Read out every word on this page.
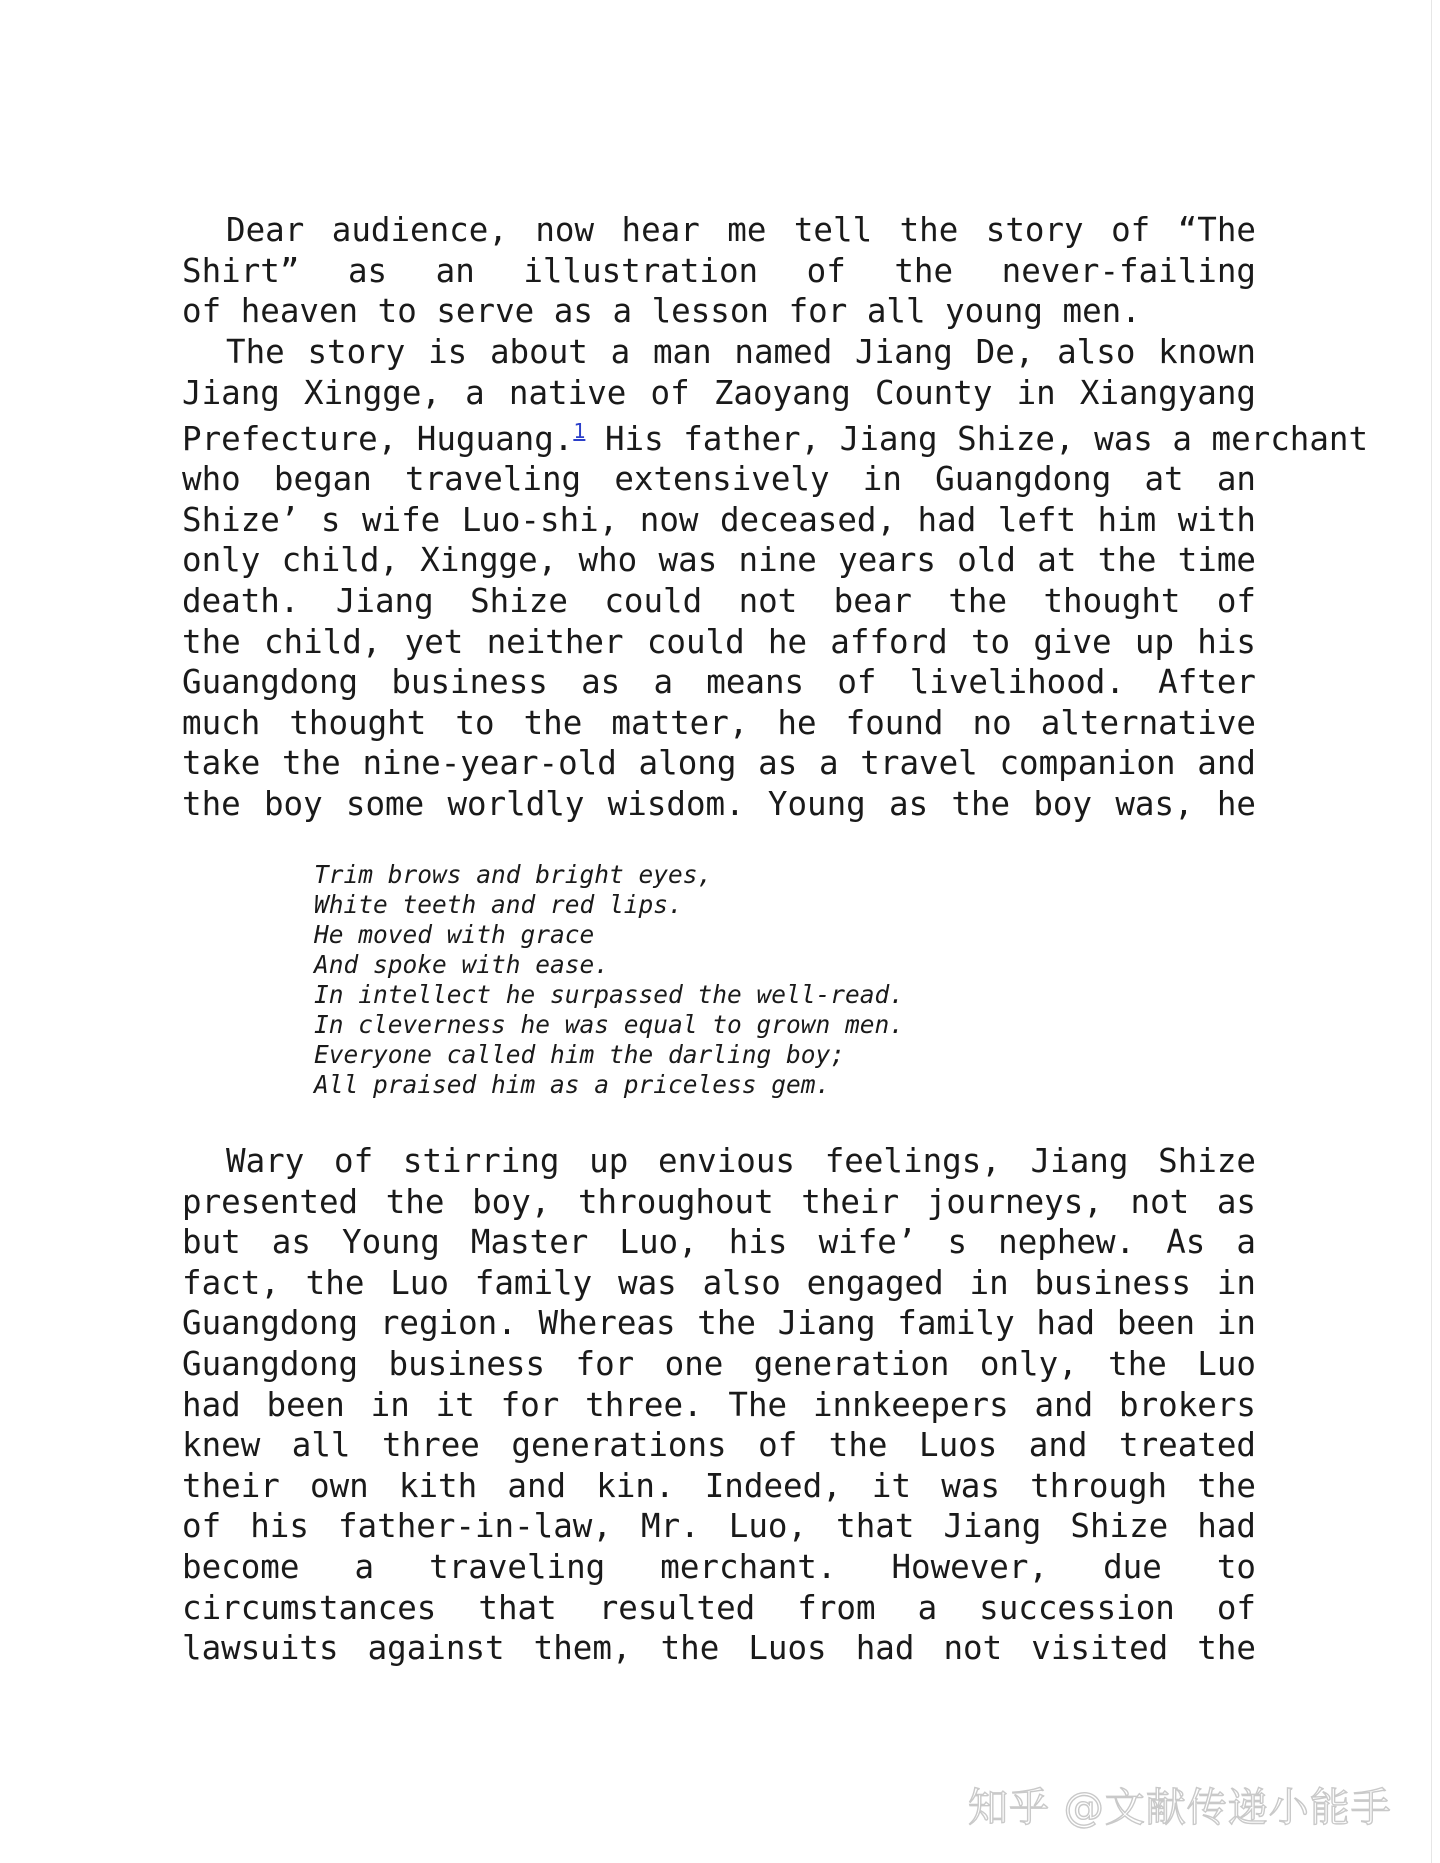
Dear audience, now hear me tell the story of “The
Shirt” as an illustration of the never-failing
of heaven to serve as a lesson for all young men.
The story is about a man named Jiang De, also known
Jiang Xingge, a native of Zaoyang County in Xiangyang
Prefecture, Huguang.$^1$ His father, Jiang Shize, was a merchant
who began traveling extensively in Guangdong at an
Shize’ s wife Luo-shi, now deceased, had left him with
only child, Xingge, who was nine years old at the time
death. Jiang Shize could not bear the thought of
the child, yet neither could he afford to give up his
Guangdong business as a means of livelihood. After
much thought to the matter, he found no alternative
take the nine-year-old along as a travel companion and
the boy some worldly wisdom. Young as the boy was, he
Trim brows and bright eyes,
White teeth and red lips.
He moved with grace
And spoke with ease.
In intellect he surpassed the well-read.
In cleverness he was equal to grown men.
Everyone called him the darling boy;
All praised him as a priceless gem.
Wary of stirring up envious feelings, Jiang Shize
presented the boy, throughout their journeys, not as
but as Young Master Luo, his wife’ s nephew. As a
fact, the Luo family was also engaged in business in
Guangdong region. Whereas the Jiang family had been in
Guangdong business for one generation only, the Luo
had been in it for three. The innkeepers and brokers
knew all three generations of the Luos and treated
their own kith and kin. Indeed, it was through the
of his father-in-law, Mr. Luo, that Jiang Shize had
become a traveling merchant. However, due to
circumstances that resulted from a succession of
lawsuits against them, the Luos had not visited the
知乎 @文献传递小能手
